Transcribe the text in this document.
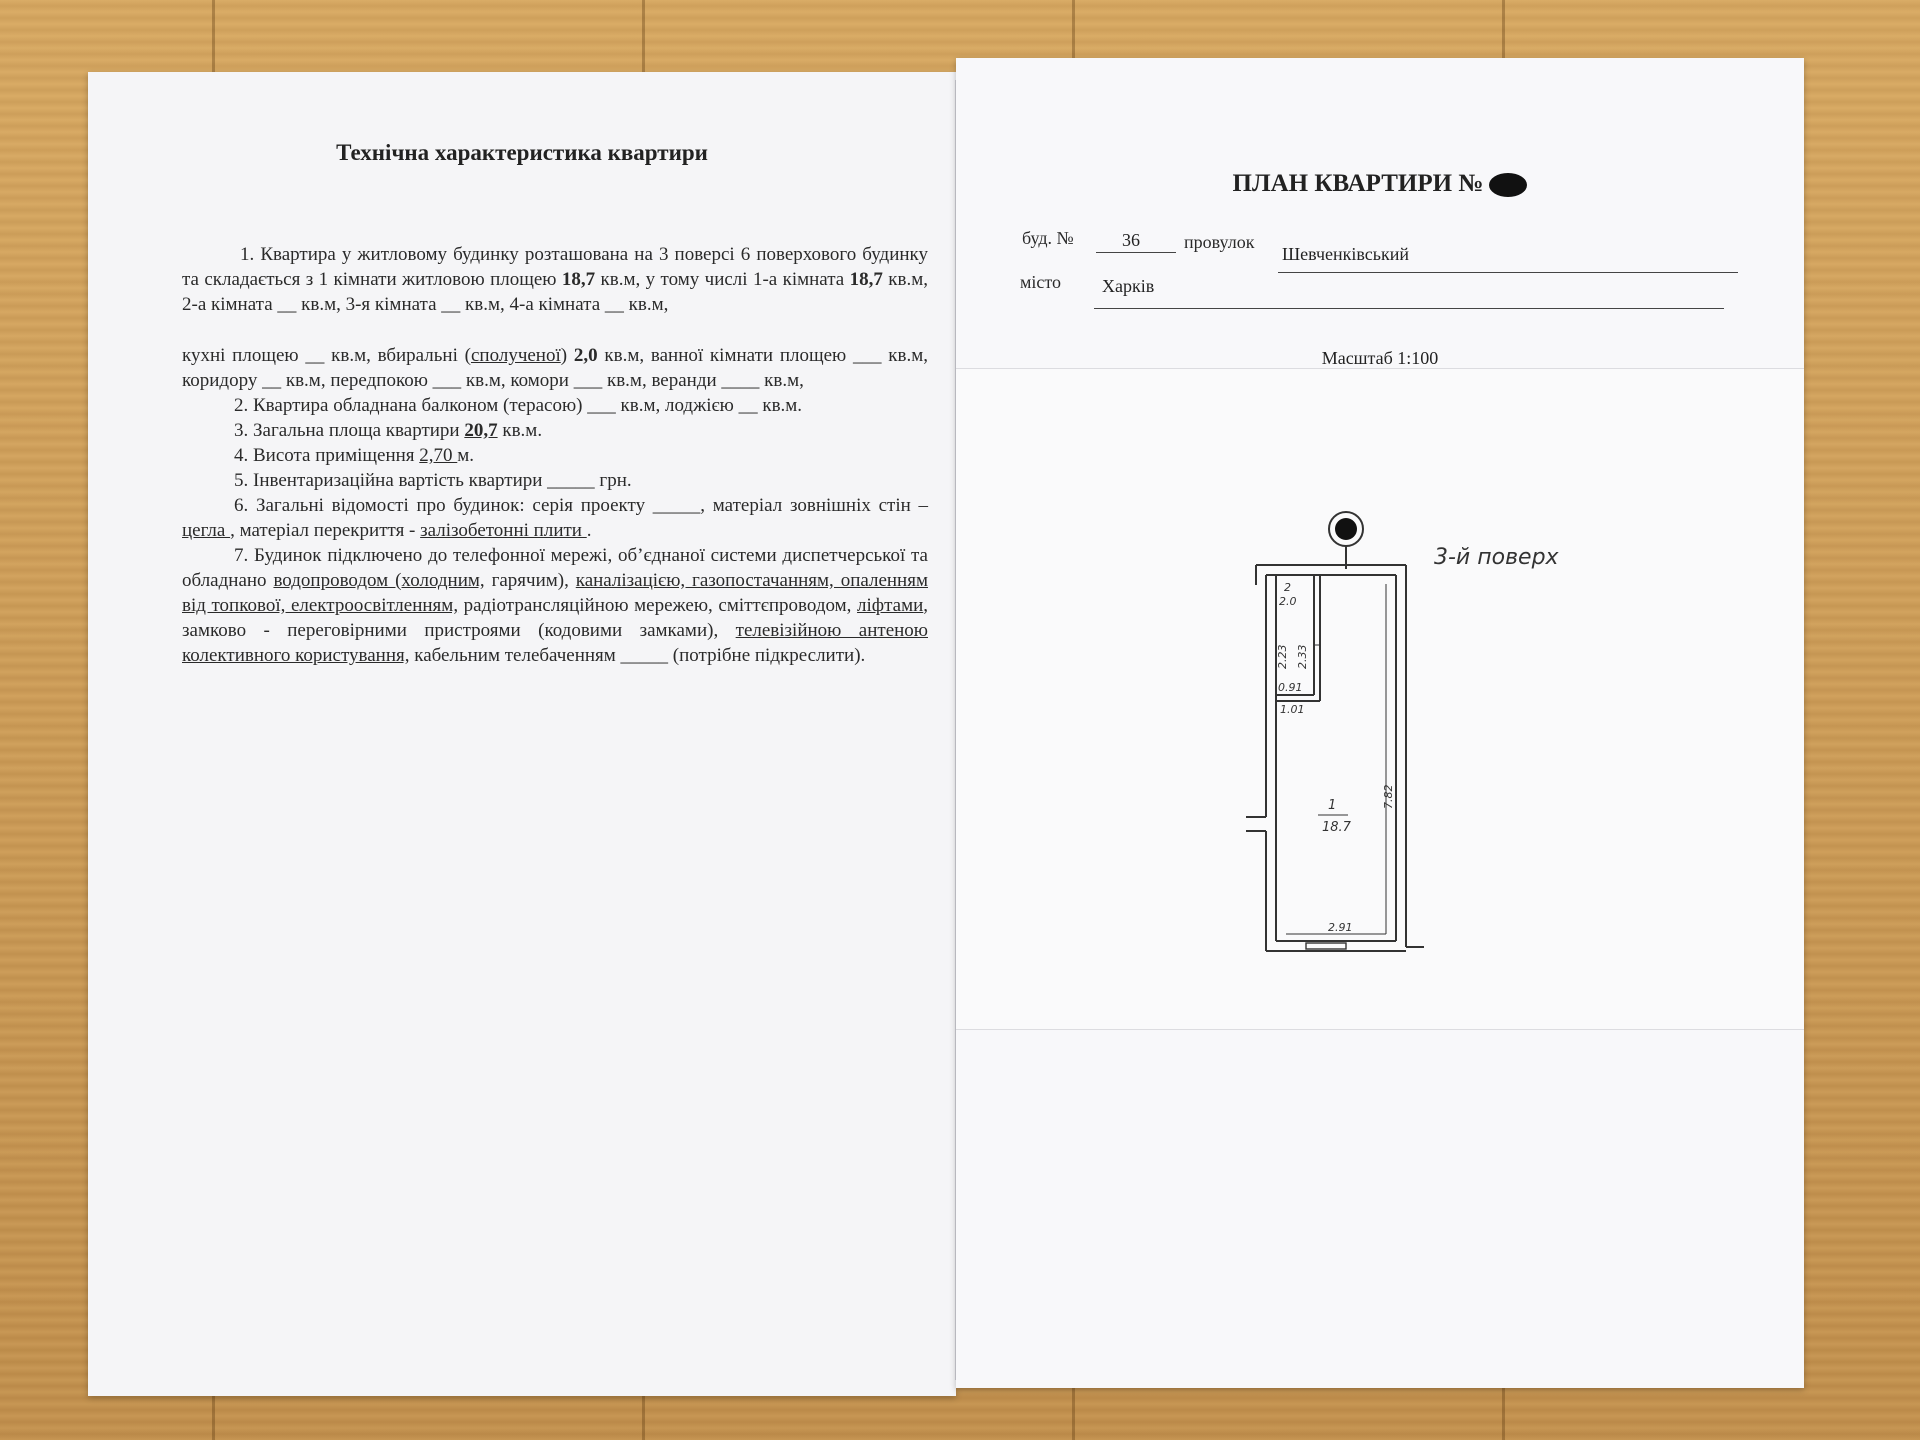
Технічна характеристика квартири

1. Квартира у житловому будинку розташована на 3 поверсі 6 поверхового будинку та складається з 1 кімнати житловою площею 18,7 кв.м, у тому числі 1-а кімната 18,7 кв.м, 2-а кімната __ кв.м, 3-я кімната __ кв.м, 4-а кімната __ кв.м,

кухні площею __ кв.м, вбиральні (сполученої) 2,0 кв.м, ванної кімнати площею ___ кв.м, коридору __ кв.м, передпокою ___ кв.м, комори ___ кв.м, веранди ____ кв.м,

2. Квартира обладнана балконом (терасою) ___ кв.м, лоджією __ кв.м.

3. Загальна площа квартири 20,7 кв.м.

4. Висота приміщення 2,70 м.

5. Інвентаризаційна вартість квартири _____ грн.

6. Загальні відомості про будинок: серія проекту _____, матеріал зовнішніх стін – цегла , матеріал перекриття - залізобетонні плити .

7. Будинок підключено до телефонної мережі, об’єднаної системи диспетчерської та обладнано водопроводом (холодним, гарячим), каналізацією, газопостачанням, опаленням від топкової, електроосвітленням, радіотрансляційною мережею, сміттєпроводом, ліфтами, замково - переговірними пристроями (кодовими замками), телевізійною антеною колективного користування, кабельним телебаченням _____ (потрібне підкреслити).

ПЛАН КВАРТИРИ №
буд. №	36 провулок
Шевченківський
місто Харків
Масштаб 1:100
3-й поверх
2
2.0
2.23 2.33
0.91
1.01
7.82
2.91
1
18.7
